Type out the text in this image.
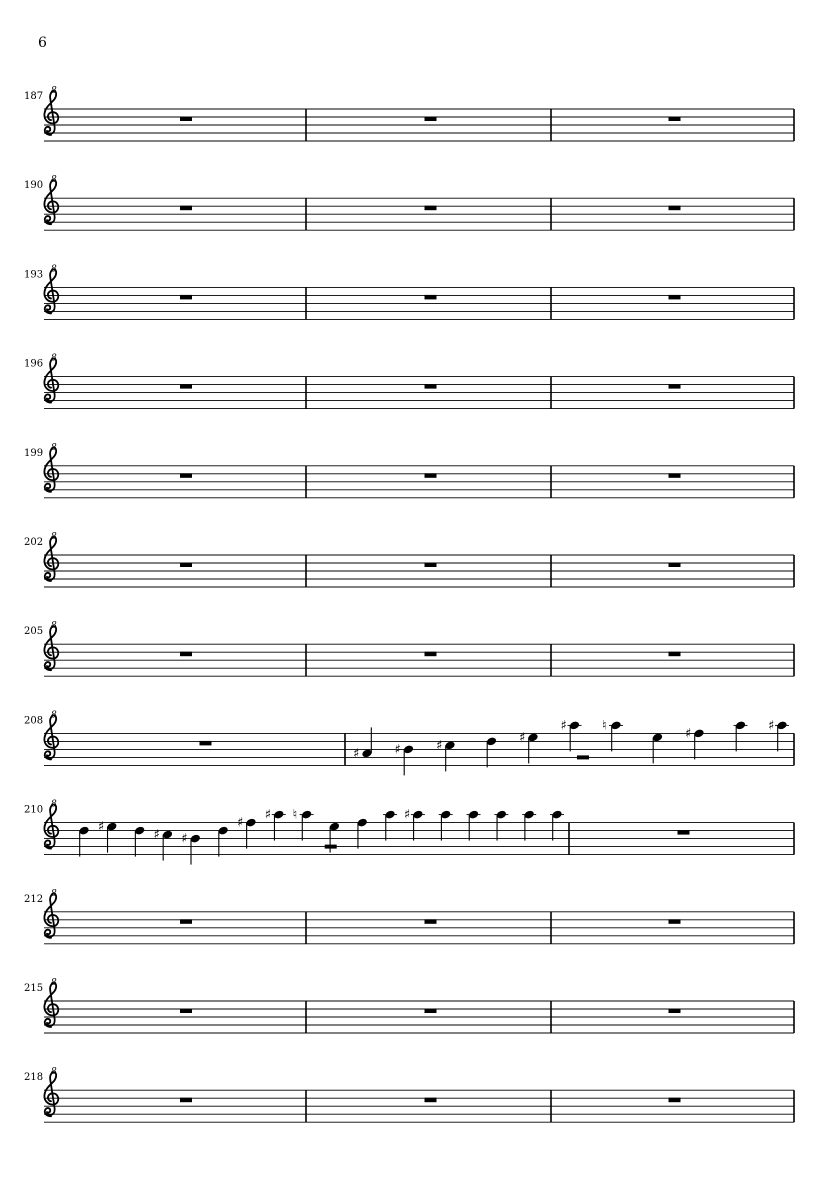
6
187
190
193
196
199
202
205
208
♯	♯	♯
♯
♯	♮
♯
♯
210
♯
♯ ♯
♯
♯ ♮	♯
212
215
218
